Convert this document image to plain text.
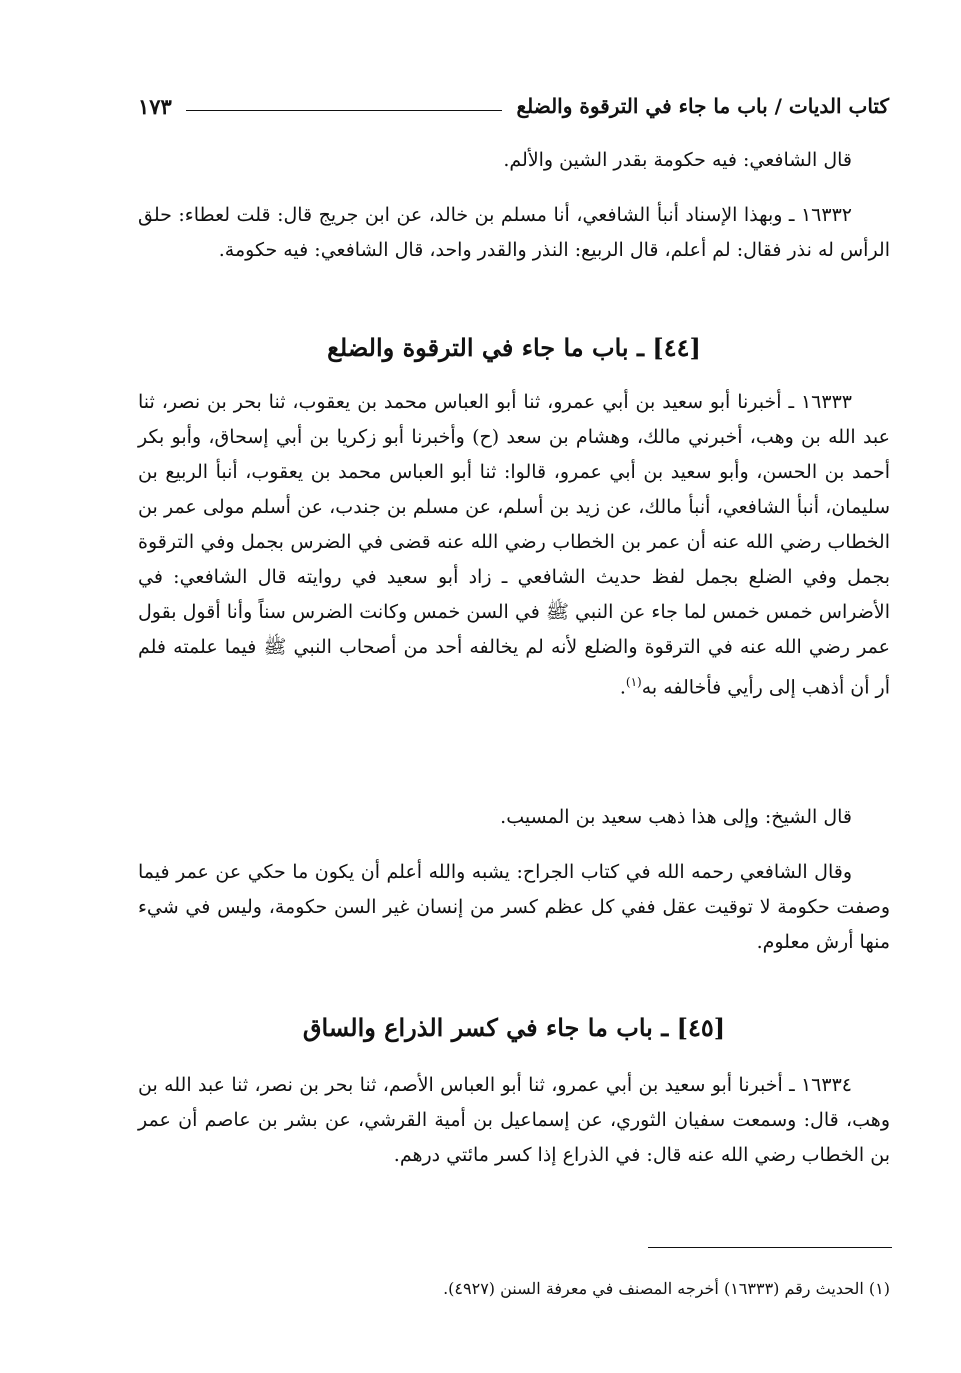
كتاب الديات / باب ما جاء في الترقوة والضلع
١٧٣

قال الشافعي: فيه حكومة بقدر الشين والألم.

١٦٣٣٢ ـ وبهذا الإسناد أنبأ الشافعي، أنا مسلم بن خالد، عن ابن جريج قال: قلت لعطاء: حلق الرأس له نذر فقال: لم أعلم، قال الربيع: النذر والقدر واحد، قال الشافعي: فيه حكومة.

[٤٤] ـ باب ما جاء في الترقوة والضلع

١٦٣٣٣ ـ أخبرنا أبو سعيد بن أبي عمرو، ثنا أبو العباس محمد بن يعقوب، ثنا بحر بن نصر، ثنا عبد الله بن وهب، أخبرني مالك، وهشام بن سعد (ح) وأخبرنا أبو زكريا بن أبي إسحاق، وأبو بكر أحمد بن الحسن، وأبو سعيد بن أبي عمرو، قالوا: ثنا أبو العباس محمد بن يعقوب، أنبأ الربيع بن سليمان، أنبأ الشافعي، أنبأ مالك، عن زيد بن أسلم، عن مسلم بن جندب، عن أسلم مولى عمر بن الخطاب رضي الله عنه أن عمر بن الخطاب رضي الله عنه قضى في الضرس بجمل وفي الترقوة بجمل وفي الضلع بجمل لفظ حديث الشافعي ـ زاد أبو سعيد في روايته قال الشافعي: في الأضراس خمس خمس لما جاء عن النبي ﷺ في السن خمس وكانت الضرس سناً وأنا أقول بقول عمر رضي الله عنه في الترقوة والضلع لأنه لم يخالفه أحد من أصحاب النبي ﷺ فيما علمته فلم أر أن أذهب إلى رأيي فأخالفه به$^{(١)}$.

قال الشيخ: وإلى هذا ذهب سعيد بن المسيب.

وقال الشافعي رحمه الله في كتاب الجراح: يشبه والله أعلم أن يكون ما حكي عن عمر فيما وصفت حكومة لا توقيت عقل ففي كل عظم كسر من إنسان غير السن حكومة، وليس في شيء منها أرش معلوم.

[٤٥] ـ باب ما جاء في كسر الذراع والساق

١٦٣٣٤ ـ أخبرنا أبو سعيد بن أبي عمرو، ثنا أبو العباس الأصم، ثنا بحر بن نصر، ثنا عبد الله بن وهب، قال: وسمعت سفيان الثوري، عن إسماعيل بن أمية القرشي، عن بشر بن عاصم أن عمر بن الخطاب رضي الله عنه قال: في الذراع إذا كسر مائتي درهم.

(١) الحديث رقم (١٦٣٣٣) أخرجه المصنف في معرفة السنن (٤٩٢٧).
